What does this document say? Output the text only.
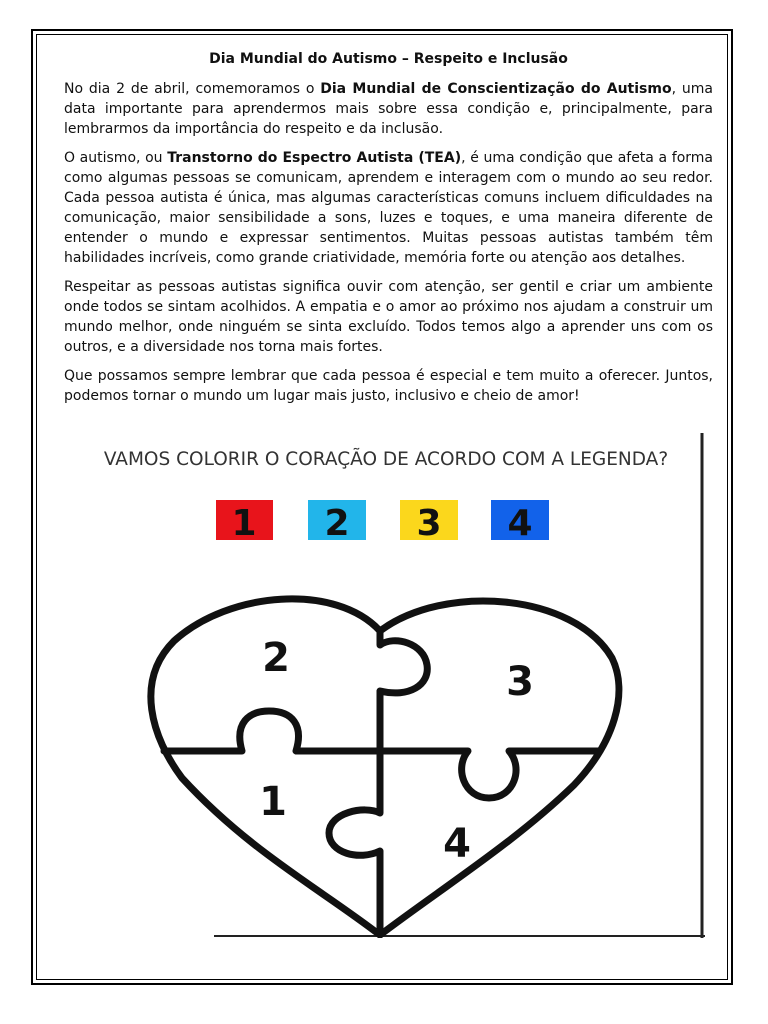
Dia Mundial do Autismo – Respeito e Inclusão

No dia 2 de abril, comemoramos o Dia Mundial de Conscientização do Autismo, uma data importante para aprendermos mais sobre essa condição e, principalmente, para lembrarmos da importância do respeito e da inclusão.

O autismo, ou Transtorno do Espectro Autista (TEA), é uma condição que afeta a forma como algumas pessoas se comunicam, aprendem e interagem com o mundo ao seu redor. Cada pessoa autista é única, mas algumas características comuns incluem dificuldades na comunicação, maior sensibilidade a sons, luzes e toques, e uma maneira diferente de entender o mundo e expressar sentimentos. Muitas pessoas autistas também têm habilidades incríveis, como grande criatividade, memória forte ou atenção aos detalhes.

Respeitar as pessoas autistas significa ouvir com atenção, ser gentil e criar um ambiente onde todos se sintam acolhidos. A empatia e o amor ao próximo nos ajudam a construir um mundo melhor, onde ninguém se sinta excluído. Todos temos algo a aprender uns com os outros, e a diversidade nos torna mais fortes.

Que possamos sempre lembrar que cada pessoa é especial e tem muito a oferecer. Juntos, podemos tornar o mundo um lugar mais justo, inclusivo e cheio de amor!

VAMOS COLORIR O CORAÇÃO DE ACORDO COM A LEGENDA?
1 2 3 4
2
3
1
4
